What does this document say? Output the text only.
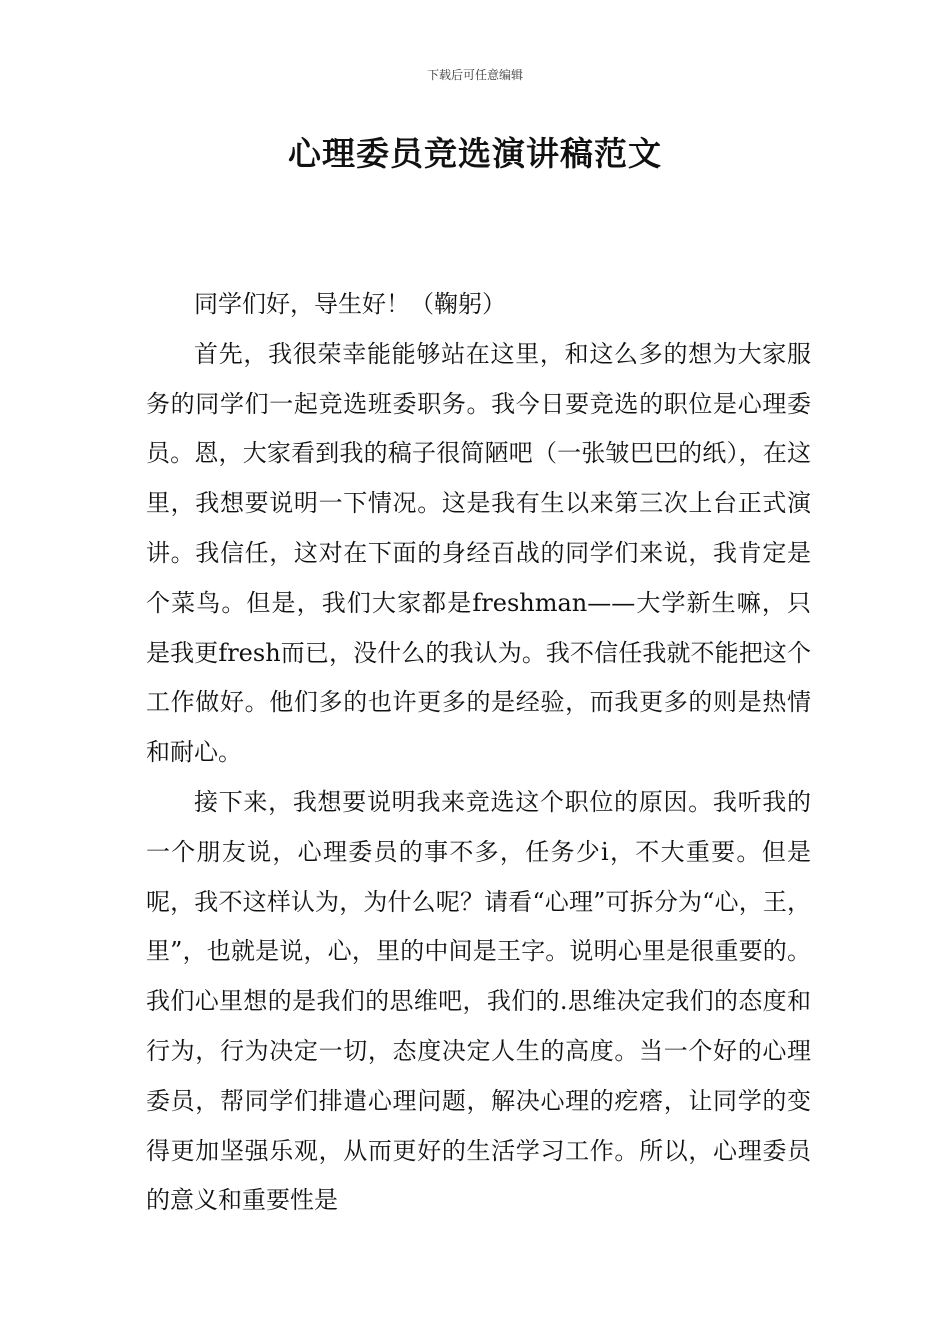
下载后可任意编辑
心理委员竞选演讲稿范文

同学们好，导生好！（鞠躬）

首先，我很荣幸能能够站在这里，和这么多的想为大家服务的同学们一起竞选班委职务。我今日要竞选的职位是心理委员。恩，大家看到我的稿子很简陋吧（一张皱巴巴的纸），在这里，我想要说明一下情况。这是我有生以来第三次上台正式演讲。我信任，这对在下面的身经百战的同学们来说，我肯定是个菜鸟。但是，我们大家都是freshman——大学新生嘛，只是我更fresh而已，没什么的我认为。我不信任我就不能把这个工作做好。他们多的也许更多的是经验，而我更多的则是热情和耐心。

接下来，我想要说明我来竞选这个职位的原因。我听我的一个朋友说，心理委员的事不多，任务少i，不大重要。但是呢，我不这样认为，为什么呢？请看“心理”可拆分为“心，王，里”，也就是说，心，里的中间是王字。说明心里是很重要的。我们心里想的是我们的思维吧，我们的.思维决定我们的态度和行为，行为决定一切，态度决定人生的高度。当一个好的心理委员，帮同学们排遣心理问题，解决心理的疙瘩，让同学的变得更加坚强乐观，从而更好的生活学习工作。所以，心理委员的意义和重要性是
